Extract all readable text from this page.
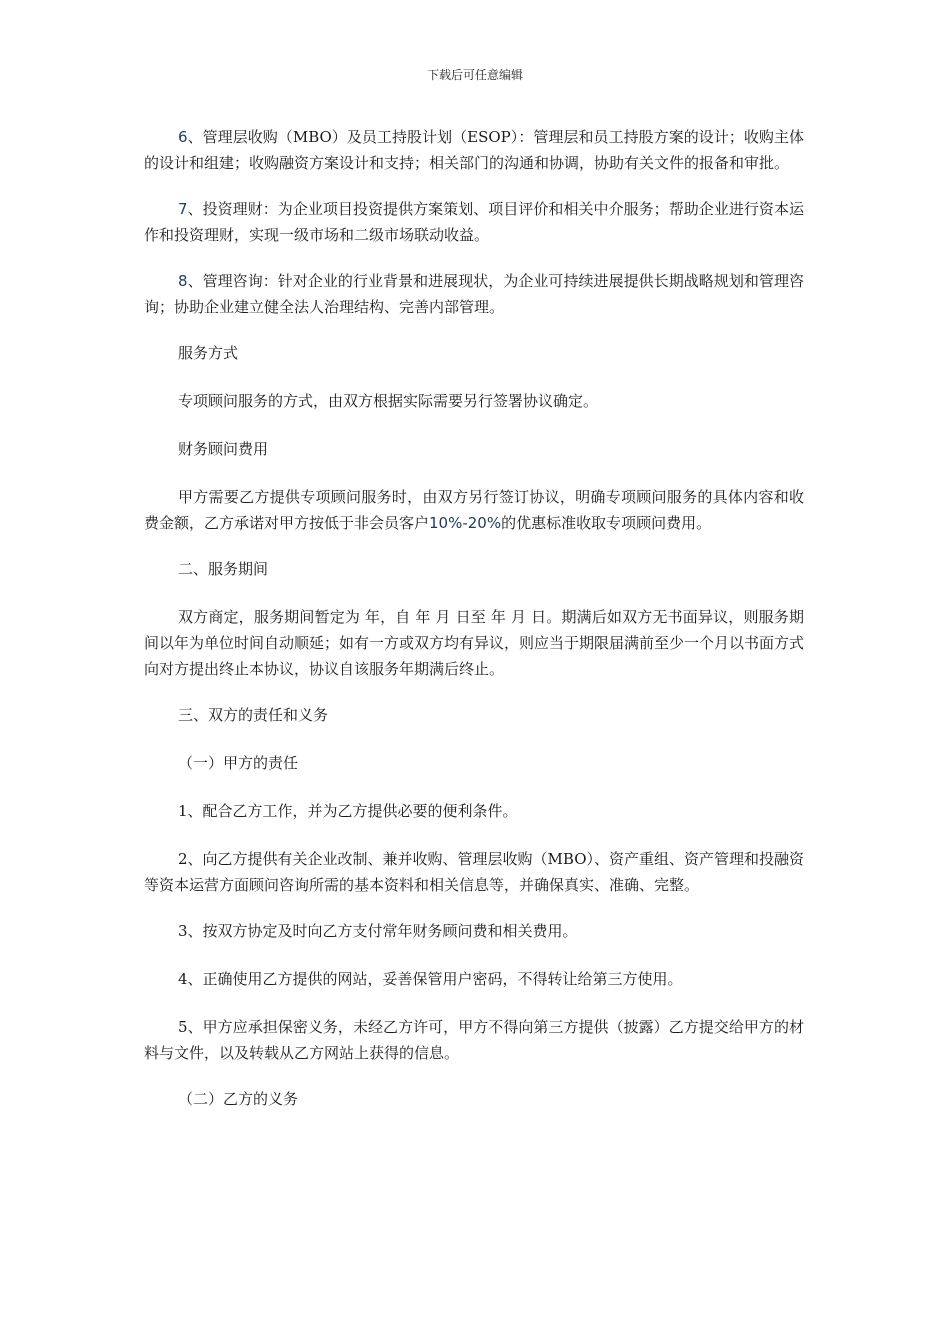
下载后可任意编辑

6、管理层收购（MBO）及员工持股计划（ESOP）：管理层和员工持股方案的设计；收购主体的设计和组建；收购融资方案设计和支持；相关部门的沟通和协调，协助有关文件的报备和审批。

7、投资理财：为企业项目投资提供方案策划、项目评价和相关中介服务；帮助企业进行资本运作和投资理财，实现一级市场和二级市场联动收益。

8、管理咨询：针对企业的行业背景和进展现状，为企业可持续进展提供长期战略规划和管理咨询；协助企业建立健全法人治理结构、完善内部管理。

服务方式

专项顾问服务的方式，由双方根据实际需要另行签署协议确定。

财务顾问费用

甲方需要乙方提供专项顾问服务时，由双方另行签订协议，明确专项顾问服务的具体内容和收费金额，乙方承诺对甲方按低于非会员客户10%-20%的优惠标准收取专项顾问费用。

二、服务期间

双方商定，服务期间暂定为 年，自 年 月 日至 年 月 日。期满后如双方无书面异议，则服务期间以年为单位时间自动顺延；如有一方或双方均有异议，则应当于期限届满前至少一个月以书面方式向对方提出终止本协议，协议自该服务年期满后终止。

三、双方的责任和义务

（一）甲方的责任

1、配合乙方工作，并为乙方提供必要的便利条件。

2、向乙方提供有关企业改制、兼并收购、管理层收购（MBO）、资产重组、资产管理和投融资等资本运营方面顾问咨询所需的基本资料和相关信息等，并确保真实、准确、完整。

3、按双方协定及时向乙方支付常年财务顾问费和相关费用。

4、正确使用乙方提供的网站，妥善保管用户密码，不得转让给第三方使用。

5、甲方应承担保密义务，未经乙方许可，甲方不得向第三方提供（披露）乙方提交给甲方的材料与文件，以及转载从乙方网站上获得的信息。

（二）乙方的义务
